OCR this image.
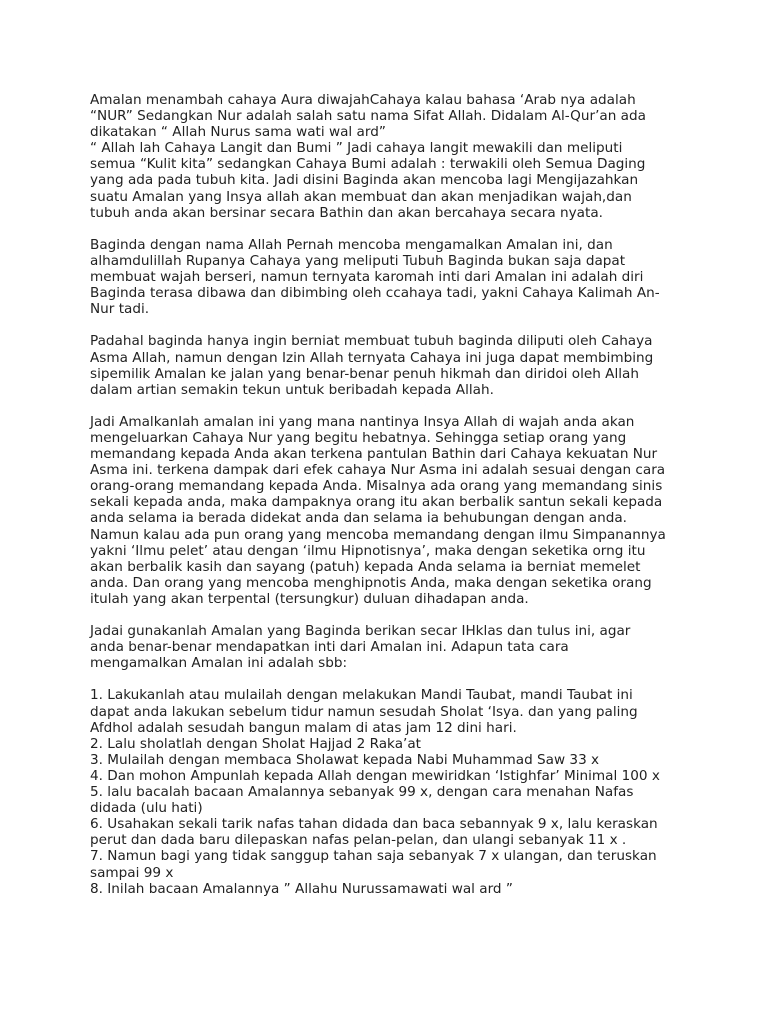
Amalan menambah cahaya Aura diwajahCahaya kalau bahasa ‘Arab nya adalah
“NUR” Sedangkan Nur adalah salah satu nama Sifat Allah. Didalam Al-Qur’an ada
dikatakan “ Allah Nurus sama wati wal ard”
“ Allah lah Cahaya Langit dan Bumi ” Jadi cahaya langit mewakili dan meliputi
semua “Kulit kita” sedangkan Cahaya Bumi adalah : terwakili oleh Semua Daging
yang ada pada tubuh kita. Jadi disini Baginda akan mencoba lagi Mengijazahkan
suatu Amalan yang Insya allah akan membuat dan akan menjadikan wajah,dan
tubuh anda akan bersinar secara Bathin dan akan bercahaya secara nyata.
Baginda dengan nama Allah Pernah mencoba mengamalkan Amalan ini, dan
alhamdulillah Rupanya Cahaya yang meliputi Tubuh Baginda bukan saja dapat
membuat wajah berseri, namun ternyata karomah inti dari Amalan ini adalah diri
Baginda terasa dibawa dan dibimbing oleh ccahaya tadi, yakni Cahaya Kalimah An-
Nur tadi.
Padahal baginda hanya ingin berniat membuat tubuh baginda diliputi oleh Cahaya
Asma Allah, namun dengan Izin Allah ternyata Cahaya ini juga dapat membimbing
sipemilik Amalan ke jalan yang benar-benar penuh hikmah dan diridoi oleh Allah
dalam artian semakin tekun untuk beribadah kepada Allah.
Jadi Amalkanlah amalan ini yang mana nantinya Insya Allah di wajah anda akan
mengeluarkan Cahaya Nur yang begitu hebatnya. Sehingga setiap orang yang
memandang kepada Anda akan terkena pantulan Bathin dari Cahaya kekuatan Nur
Asma ini. terkena dampak dari efek cahaya Nur Asma ini adalah sesuai dengan cara
orang-orang memandang kepada Anda. Misalnya ada orang yang memandang sinis
sekali kepada anda, maka dampaknya orang itu akan berbalik santun sekali kepada
anda selama ia berada didekat anda dan selama ia behubungan dengan anda.
Namun kalau ada pun orang yang mencoba memandang dengan ilmu Simpanannya
yakni ‘Ilmu pelet’ atau dengan ‘ilmu Hipnotisnya’, maka dengan seketika orng itu
akan berbalik kasih dan sayang (patuh) kepada Anda selama ia berniat memelet
anda. Dan orang yang mencoba menghipnotis Anda, maka dengan seketika orang
itulah yang akan terpental (tersungkur) duluan dihadapan anda.
Jadai gunakanlah Amalan yang Baginda berikan secar IHklas dan tulus ini, agar
anda benar-benar mendapatkan inti dari Amalan ini. Adapun tata cara
mengamalkan Amalan ini adalah sbb:
1. Lakukanlah atau mulailah dengan melakukan Mandi Taubat, mandi Taubat ini
dapat anda lakukan sebelum tidur namun sesudah Sholat ‘Isya. dan yang paling
Afdhol adalah sesudah bangun malam di atas jam 12 dini hari.
2. Lalu sholatlah dengan Sholat Hajjad 2 Raka’at
3. Mulailah dengan membaca Sholawat kepada Nabi Muhammad Saw 33 x
4. Dan mohon Ampunlah kepada Allah dengan mewiridkan ‘Istighfar’ Minimal 100 x
5. lalu bacalah bacaan Amalannya sebanyak 99 x, dengan cara menahan Nafas
didada (ulu hati)
6. Usahakan sekali tarik nafas tahan didada dan baca sebannyak 9 x, lalu keraskan
perut dan dada baru dilepaskan nafas pelan-pelan, dan ulangi sebanyak 11 x .
7. Namun bagi yang tidak sanggup tahan saja sebanyak 7 x ulangan, dan teruskan
sampai 99 x
8. Inilah bacaan Amalannya ” Allahu Nurussamawati wal ard ”
